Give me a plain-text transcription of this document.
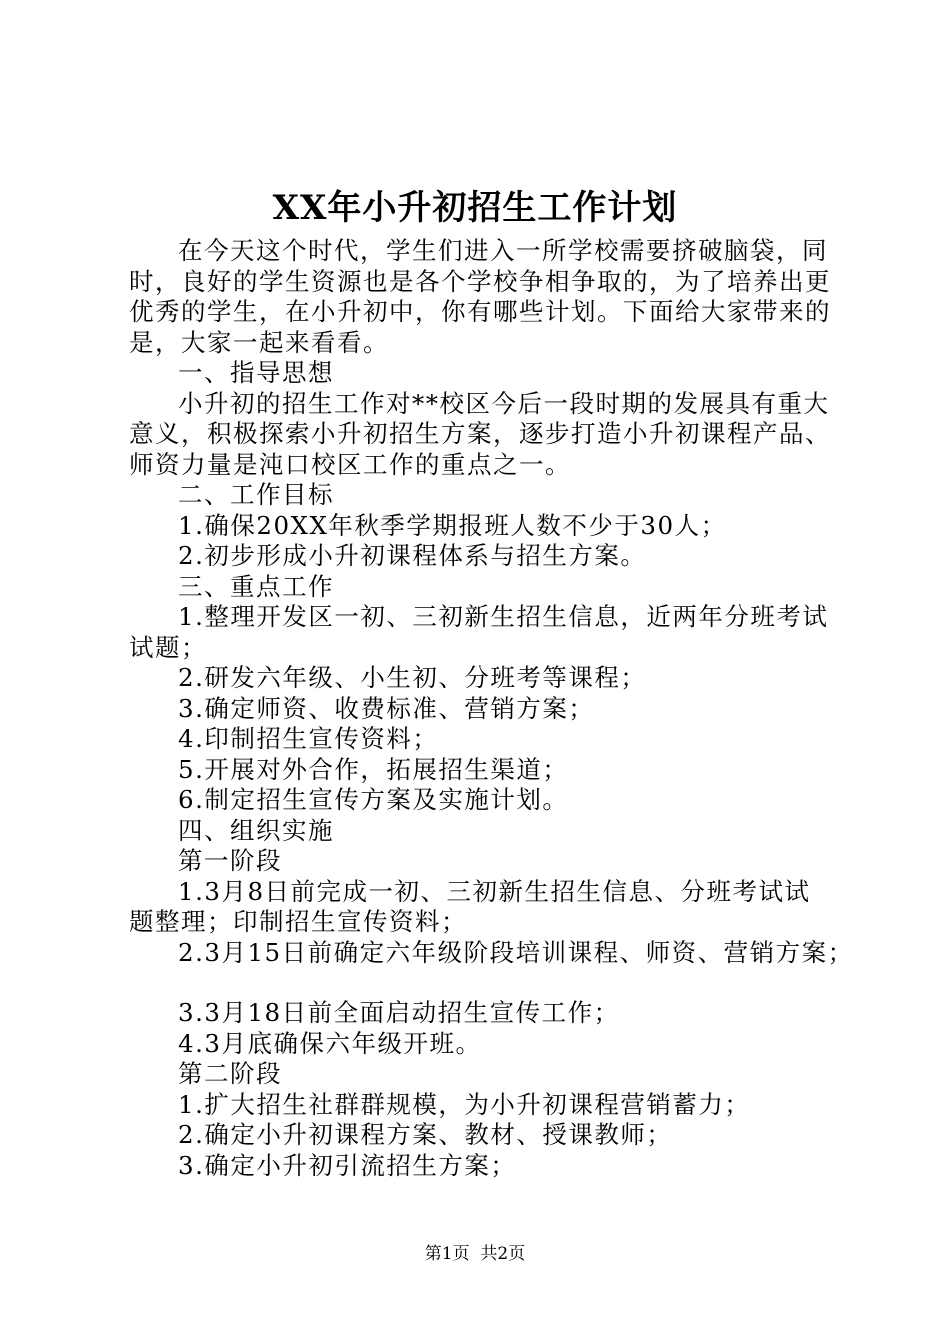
XX年小升初招生工作计划

在今天这个时代，学生们进入一所学校需要挤破脑袋，同时，良好的学生资源也是各个学校争相争取的，为了培养出更优秀的学生，在小升初中，你有哪些计划。下面给大家带来的是，大家一起来看看。

一、指导思想

小升初的招生工作对**校区今后一段时期的发展具有重大意义，积极探索小升初招生方案，逐步打造小升初课程产品、师资力量是沌口校区工作的重点之一。

二、工作目标

1.确保20XX年秋季学期报班人数不少于30人；

2.初步形成小升初课程体系与招生方案。

三、重点工作

1.整理开发区一初、三初新生招生信息，近两年分班考试试题；

2.研发六年级、小生初、分班考等课程；

3.确定师资、收费标准、营销方案；

4.印制招生宣传资料；

5.开展对外合作，拓展招生渠道；

6.制定招生宣传方案及实施计划。

四、组织实施

第一阶段

1.3月8日前完成一初、三初新生招生信息、分班考试试题整理；印制招生宣传资料；

2.3月15日前确定六年级阶段培训课程、师资、营销方案；

3.3月18日前全面启动招生宣传工作；

4.3月底确保六年级开班。

第二阶段

1.扩大招生社群群规模，为小升初课程营销蓄力；

2.确定小升初课程方案、教材、授课教师；

3.确定小升初引流招生方案；

第1页  共2页
